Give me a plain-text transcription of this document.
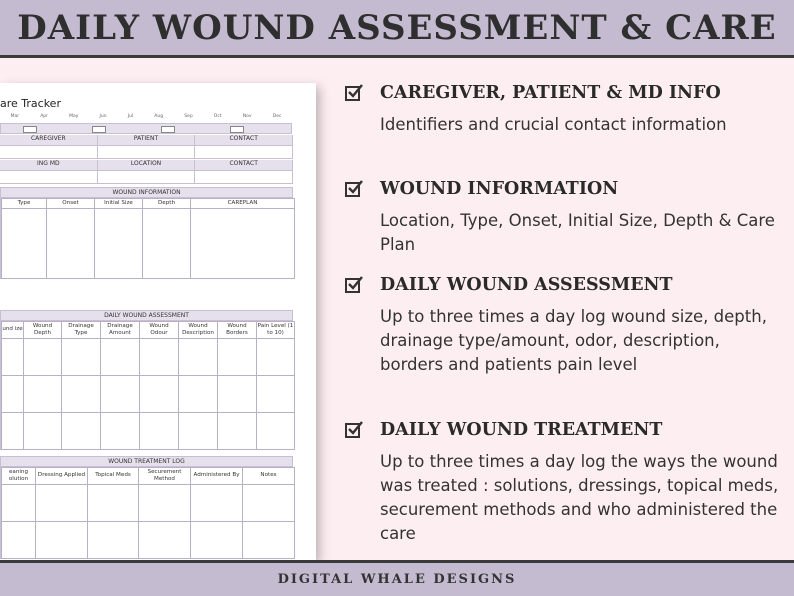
DAILY WOUND ASSESSMENT & CARE
are Tracker
Mar	Apr	May	Jun	Jul	Aug	Sep	Oct	Nov	Dec
CAREGIVER	PATIENT	CONTACT
ING MD	LOCATION	CONTACT
WOUND INFORMATION
Type	Onset	Initial Size	Depth	CAREPLAN

DAILY WOUND ASSESSMENT
und ize	Wound Depth	Drainage Type	Drainage Amount	Wound Odour	Wound Description	Wound Borders	Pain Level (1 to 10)

WOUND TREATMENT LOG
eaning olution	Dressing Applied	Topical Meds	Securement Method	Administered By	Notes

CAREGIVER, PATIENT & MD INFO
Identifiers and crucial contact information
WOUND INFORMATION
Location, Type, Onset, Initial Size, Depth & Care Plan
DAILY WOUND ASSESSMENT
Up to three times a day log wound size, depth, drainage type/amount, odor, description, borders and patients pain level
DAILY WOUND TREATMENT
Up to three times a day log the ways the wound was treated : solutions, dressings, topical meds, securement methods and who administered the care
DIGITAL WHALE DESIGNS
